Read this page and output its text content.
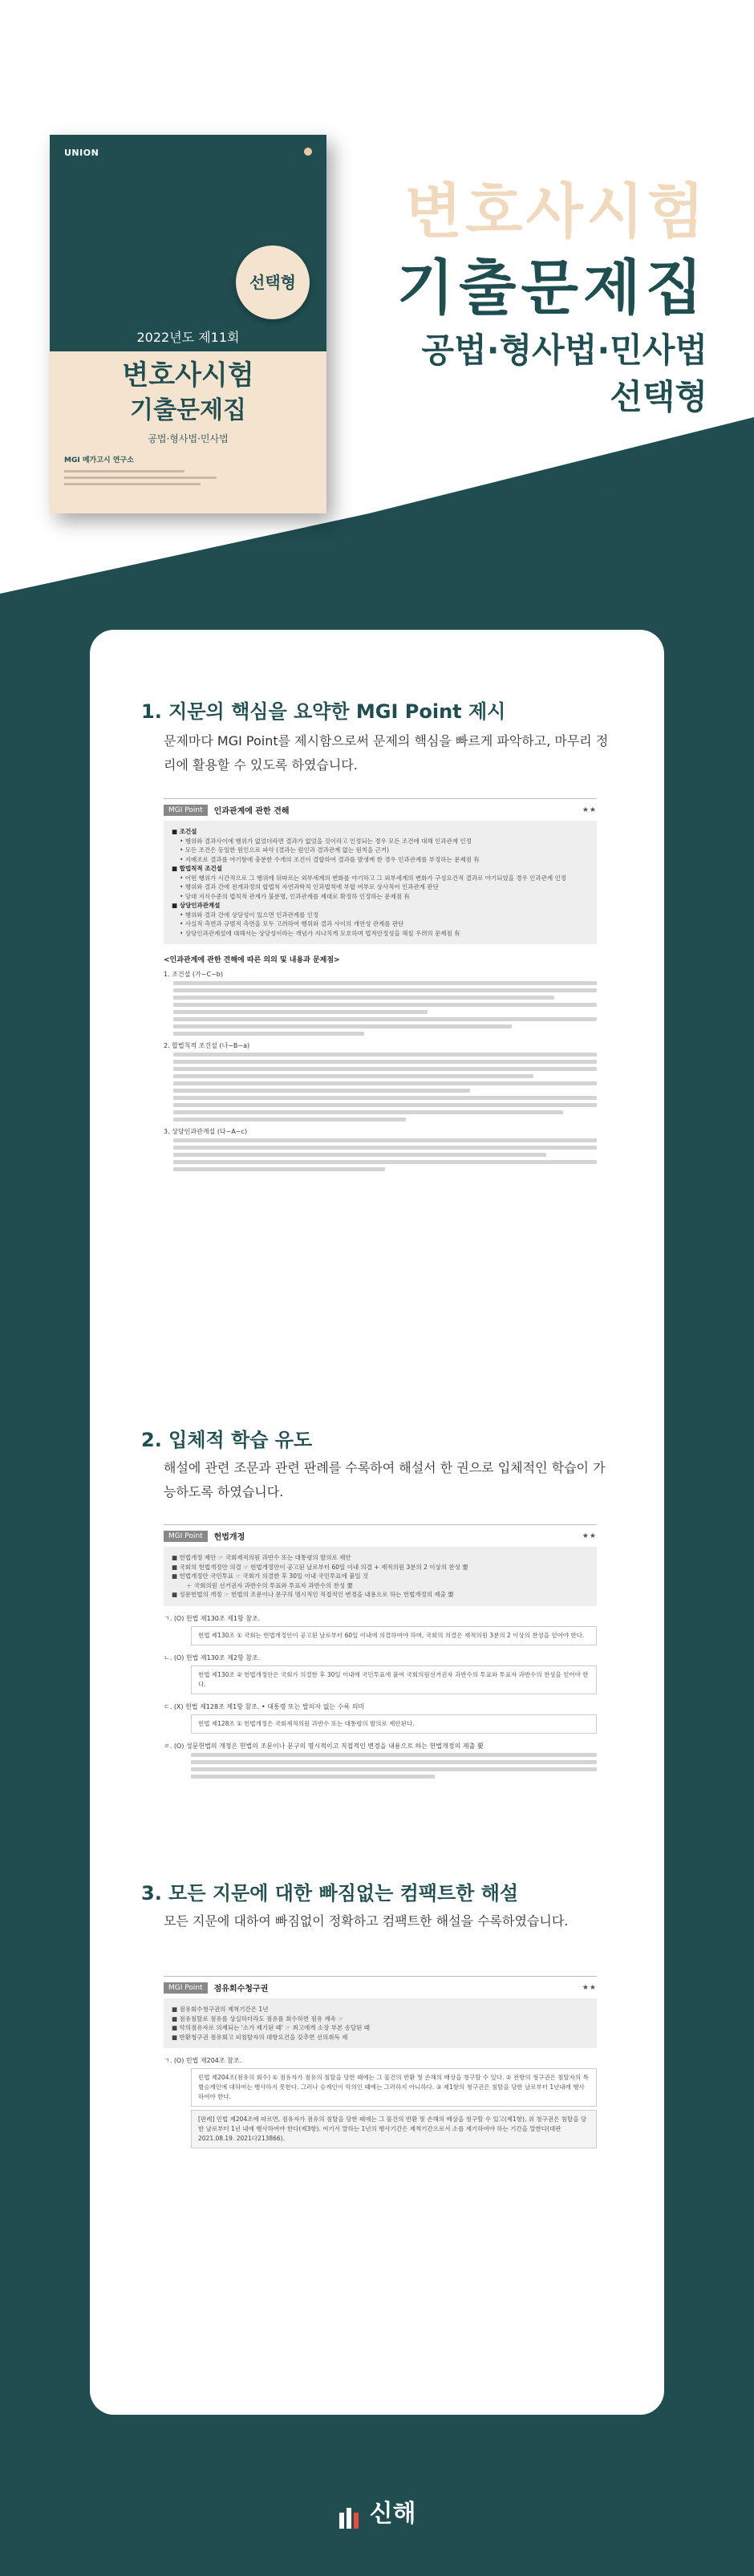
UNION
2022년도 제11회
선택형
변호사시험
기출문제집
공법·형사법·민사법
MGI 메가고시 연구소
변호사시험
기출문제집
공법·형사법·민사법
선택형
MGI 메가고시 연구소
1. 지문의 핵심을 요약한 MGI Point 제시
문제마다 MGI Point를 제시함으로써 문제의 핵심을 빠르게 파악하고, 마무리 정리에 활용할 수 있도록 하였습니다.
MGI Point	인과관계에 관한 견해	★★
■ 조건설
• 행위와 결과사이에 행위가 없었더라면 결과가 없었을 것이라고 인정되는 경우 모든 조건에 대해 인과관계 인정
• 모든 조건은 동일한 원인으로 파악 (결과는 원인과 결과관계 없는 원칙을 근거)
• 지배조로 결과를 야기함에 충분한 수개의 조건이 결합하여 결과를 발생케 한 경우 인과관계를 부정하는 문제점 有
■ 합법칙적 조건설
• 어떤 행위가 시간적으로 그 행위에 뒤따르는 외부세계의 변화를 야기하고 그 외부세계의 변화가 구성요건적 결과로 야기되었을 경우 인과관계 인정
• 행위와 결과 간에 전개과정의 합법칙 자연과학적 인과법칙에 부합 여부로 상사적어 인과관계 판단
• 당대 지식수준의 법칙적 관계가 불분명, 인과관계를 제대로 확정하 인정하는 문제점 有
■ 상당인과관계설
• 행위와 결과 간에 상당성이 있으면 인과관계를 인정
• 사실적 측면과 규범적 측면을 모두 고려하여 행위와 결과 사이의 개연성 관계를 판단
• 상당인과관계설에 대해서는 상당성이라는 개념가 지나치게 모호하며 법적안정성을 해칠 우려의 문제점 有
<인과관계에 관한 견해에 따른 의의 및 내용과 문제점>
1. 조건설 (가~C~b)
2. 합법칙적 조건설 (나~B~a)
3. 상당인과관계설 (다~A~c)
2. 입체적 학습 유도
해설에 관련 조문과 관련 판례를 수록하여 해설서 한 권으로 입체적인 학습이 가능하도록 하였습니다.
MGI Point	헌법개정	★★
■ 헌법개정 제안 ☞ 국회재적의원 과반수 또는 대통령의 발의로 제안
■ 국회의 헌법개정안 의결 ☞ 헌법개정안이 공고된 날로부터 60일 이내 의결 + 재적의원 3분의 2 이상의 찬성 要
■ 헌법개정안 국민투표 ☞ 국회가 의결한 후 30일 이내 국민투표에 붙일 것
＋ 국회의원 선거권자 과반수의 투표와 투표자 과반수의 찬성 要
■ 성문헌법의 개정 ☞ 헌법의 조문이나 문구의 명시적인 직접적인 변경을 내용으로 하는 헌법개정의 제출 要
ㄱ. (O) 헌법 제130조 제1항 참조.
헌법 제130조 ① 국회는 헌법개정안이 공고된 날로부터 60일 이내에 의결하여야 하며, 국회의 의결은 재적의원 3분의 2 이상의 찬성을 얻어야 한다.
ㄴ. (O) 헌법 제130조 제2항 참조.
헌법 제130조 ② 헌법개정안은 국회가 의결한 후 30일 이내에 국민투표에 붙여 국회의원선거권자 과반수의 투표와 투표자 과반수의 찬성을 얻어야 한다.
ㄷ. (X) 헌법 제128조 제1항 참조. • 대통령 또는 발의자 없는 수록 의미
헌법 제128조 ① 헌법개정은 국회재적의원 과반수 또는 대통령의 발의로 제안된다.
ㄹ. (O) 성문헌법의 개정은 헌법의 조문이나 문구의 명시적이고 직접적인 변경을 내용으로 하는 헌법개정의 제출 要
3. 모든 지문에 대한 빠짐없는 컴팩트한 해설
모든 지문에 대하여 빠짐없이 정확하고 컴팩트한 해설을 수록하였습니다.
MGI Point	점유회수청구권	★★
■ 점유회수청구권의 제척기간은 1년
■ 점유침탈로 점유를 상실하더라도 점유를 회수하면 점유 계속 ☞
■ 악의점유자로 의제되는 '소가 제기된 때' ☞ 최고에게 소장 부본 송달된 때
■ 반환청구권 점유회고 피침탈자의 대항요건을 갖추면 선의취득 제
ㄱ. (O) 민법 제204조 참조.
민법 제204조(점유의 회수) ① 점유자가 점유의 침탈을 당한 때에는 그 물건의 반환 및 손해의 배상을 청구할 수 있다. ② 전항의 청구권은 침탈자의 특별승계인에 대하여는 행사하지 못한다. 그러나 승계인이 악의인 때에는 그러하지 아니하다. ③ 제1항의 청구권은 침탈을 당한 날로부터 1년내에 행사하여야 한다.
[판례] 민법 제204조에 따르면, 점유자가 점유의 침탈을 당한 때에는 그 물건의 반환 및 손해의 배상을 청구할 수 있고(제1항), 위 청구권은 침탈을 당한 날로부터 1년 내에 행사하여야 한다(제3항). 여기서 말하는 1년의 행사기간은 제척기간으로서 소를 제기하여야 하는 기간을 말한다(대판 2021.08.19. 2021다213866).
신해
